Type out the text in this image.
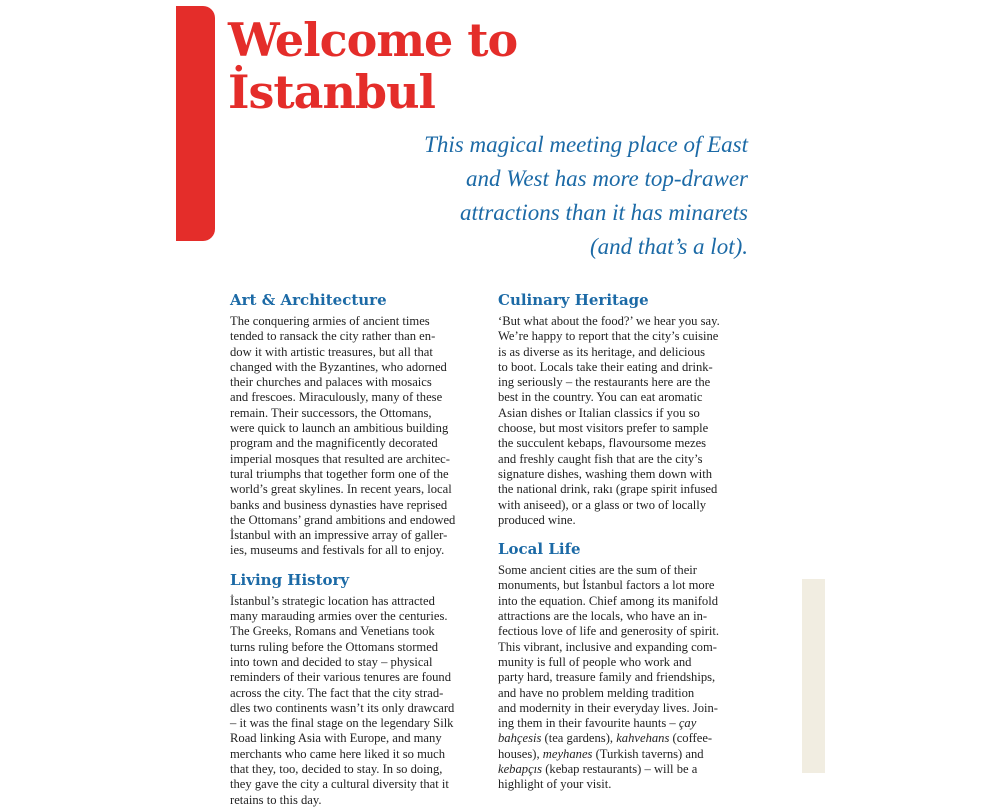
Welcome to
İstanbul

This magical meeting place of East
and West has more top-drawer
attractions than it has minarets
(and that’s a lot).

Art & Architecture

The conquering armies of ancient times
tended to ransack the city rather than en-
dow it with artistic treasures, but all that
changed with the Byzantines, who adorned
their churches and palaces with mosaics
and frescoes. Miraculously, many of these
remain. Their successors, the Ottomans,
were quick to launch an ambitious building
program and the magnificently decorated
imperial mosques that resulted are architec-
tural triumphs that together form one of the
world’s great skylines. In recent years, local
banks and business dynasties have reprised
the Ottomans’ grand ambitions and endowed
İstanbul with an impressive array of galler-
ies, museums and festivals for all to enjoy.

Living History

İstanbul’s strategic location has attracted
many marauding armies over the centuries.
The Greeks, Romans and Venetians took
turns ruling before the Ottomans stormed
into town and decided to stay – physical
reminders of their various tenures are found
across the city. The fact that the city strad-
dles two continents wasn’t its only drawcard
– it was the final stage on the legendary Silk
Road linking Asia with Europe, and many
merchants who came here liked it so much
that they, too, decided to stay. In so doing,
they gave the city a cultural diversity that it
retains to this day.

Culinary Heritage

‘But what about the food?’ we hear you say.
We’re happy to report that the city’s cuisine
is as diverse as its heritage, and delicious
to boot. Locals take their eating and drink-
ing seriously – the restaurants here are the
best in the country. You can eat aromatic
Asian dishes or Italian classics if you so
choose, but most visitors prefer to sample
the succulent kebaps, flavoursome mezes
and freshly caught fish that are the city’s
signature dishes, washing them down with
the national drink, rakı (grape spirit infused
with aniseed), or a glass or two of locally
produced wine.

Local Life

Some ancient cities are the sum of their
monuments, but İstanbul factors a lot more
into the equation. Chief among its manifold
attractions are the locals, who have an in-
fectious love of life and generosity of spirit.
This vibrant, inclusive and expanding com-
munity is full of people who work and
party hard, treasure family and friendships,
and have no problem melding tradition
and modernity in their everyday lives. Join-
ing them in their favourite haunts – çay
bahçesis (tea gardens), kahvehans (coffee-
houses), meyhanes (Turkish taverns) and
kebapçıs (kebap restaurants) – will be a
highlight of your visit.
